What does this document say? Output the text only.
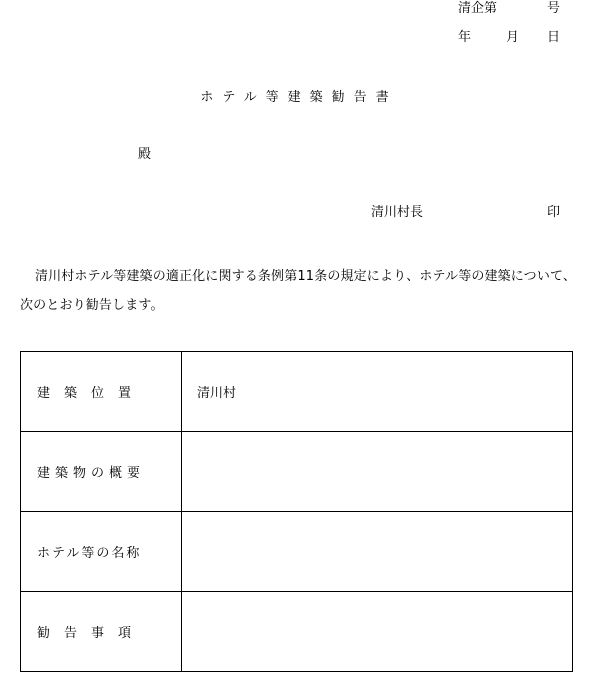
清企第	号
年	月 日
ホテル等建築勧告書
殿
清川村長	印
清川村ホテル等建築の適正化に関する条例第11条の規定により、ホテル等の建築について、次のとおり勧告します。
建築位置	清川村
建築物の概要	
ホテル等の名称	
勧告事項	
